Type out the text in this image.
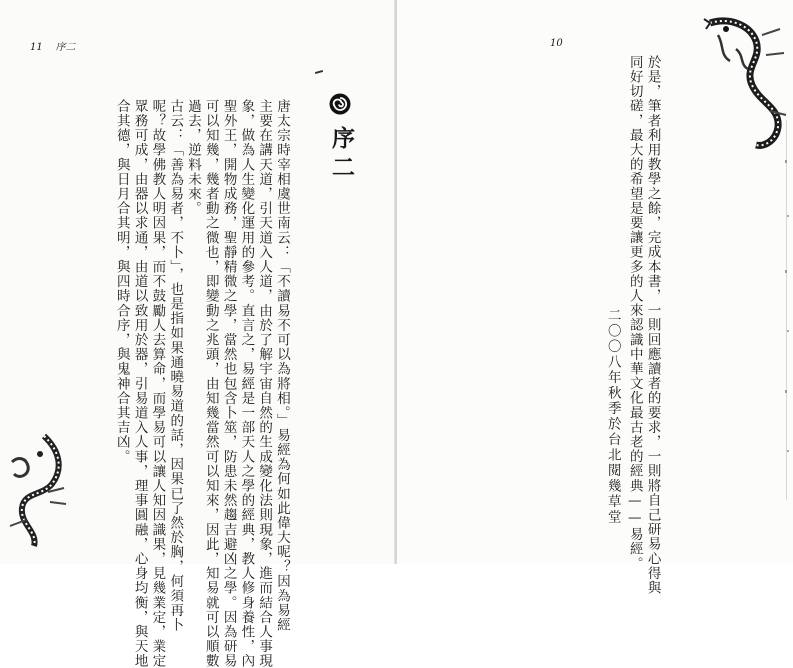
11 序二
序二
唐太宗時宰相虞世南云：「不讀易不可以為將相。」易經為何如此偉大呢？因為易經
主要在講天道，引天道入人道，由於了解宇宙自然的生成變化法則現象，進而結合人事現
象，做為人生變化運用的參考。直言之，易經是一部天人之學的經典，教人修身養性，內
聖外王，開物成務，聖靜精微之學，當然也包含卜筮，防患未然趨吉避凶之學。因為研易
可以知幾，幾者動之微也，即變動之兆頭，由知幾當然可以知來，因此，知易就可以順數
過去，逆料未來。
古云：「善為易者，不卜」，也是指如果通曉易道的話，因果已了然於胸，何須再卜
呢？故學佛教人明因果，而不鼓勵人去算命，而學易可以讓人知因識果，見幾業定，業定
眾務可成，由器以求通，由道以致用於器，引易道入人事，理事圓融，心身均衡，與天地
合其德，與日月合其明，與四時合序，與鬼神合其吉凶。
10
於是，筆者利用教學之餘，完成本書，一則回應讀者的要求，一則將自己研易心得與
同好切磋，最大的希望是要讓更多的人來認識中華文化最古老的經典——易經。
二〇〇八年秋季於台北閱幾草堂
